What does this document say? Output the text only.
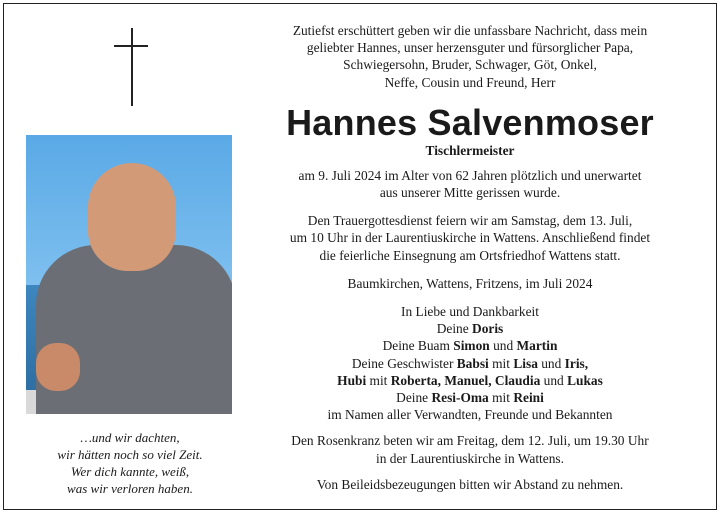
…und wir dachten,
wir hätten noch so viel Zeit.
Wer dich kannte, weiß,
was wir verloren haben.
Zutiefst erschüttert geben wir die unfassbare Nachricht, dass mein
geliebter Hannes, unser herzensguter und fürsorglicher Papa,
Schwiegersohn, Bruder, Schwager, Göt, Onkel,
Neffe, Cousin und Freund, Herr
Hannes Salvenmoser
Tischlermeister
am 9. Juli 2024 im Alter von 62 Jahren plötzlich und unerwartet
aus unserer Mitte gerissen wurde.
Den Trauergottesdienst feiern wir am Samstag, dem 13. Juli,
um 10 Uhr in der Laurentiuskirche in Wattens. Anschließend findet
die feierliche Einsegnung am Ortsfriedhof Wattens statt.
Baumkirchen, Wattens, Fritzens, im Juli 2024
In Liebe und Dankbarkeit
Deine Doris
Deine Buam Simon und Martin
Deine Geschwister Babsi mit Lisa und Iris,
Hubi mit Roberta, Manuel, Claudia und Lukas
Deine Resi-Oma mit Reini
im Namen aller Verwandten, Freunde und Bekannten
Den Rosenkranz beten wir am Freitag, dem 12. Juli, um 19.30 Uhr
in der Laurentiuskirche in Wattens.
Von Beileidsbezeugungen bitten wir Abstand zu nehmen.
